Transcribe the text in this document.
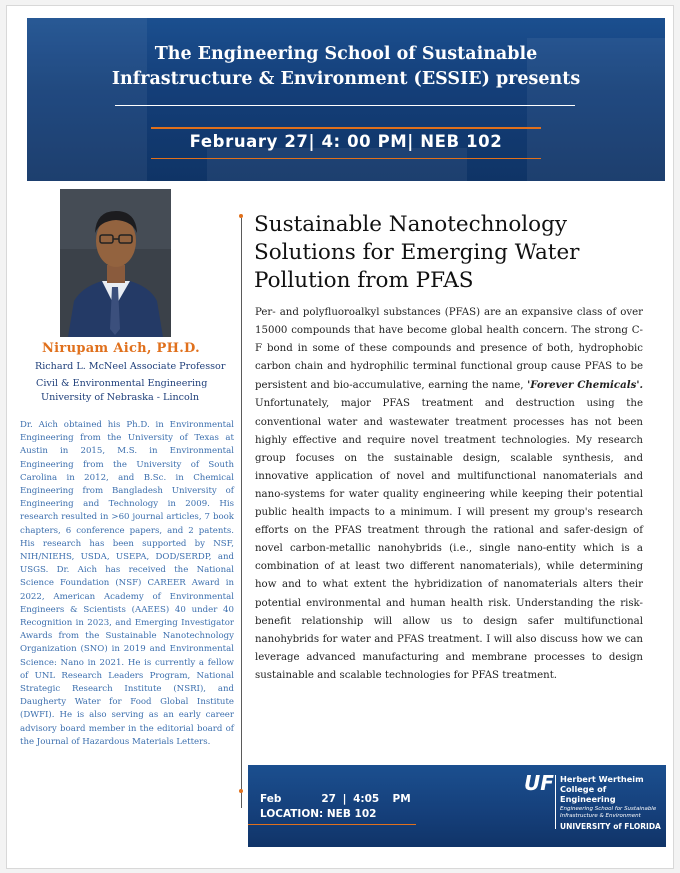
The Engineering School of Sustainable
Infrastructure & Environment (ESSIE) presents
February 27| 4: 00 PM| NEB 102
Nirupam Aich, PH.D.
Richard L. McNeel Associate Professor
Civil & Environmental Engineering
University of Nebraska - Lincoln
Dr. Aich obtained his Ph.D. in Environmental Engineering from the University of Texas at Austin in 2015, M.S. in Environmental Engineering from the University of South Carolina in 2012, and B.Sc. in Chemical Engineering from Bangladesh University of Engineering and Technology in 2009. His research resulted in >60 journal articles, 7 book chapters, 6 conference papers, and 2 patents. His research has been supported by NSF, NIH/NIEHS, USDA, USEPA, DOD/SERDP, and USGS. Dr. Aich has received the National Science Foundation (NSF) CAREER Award in 2022, American Academy of Environmental Engineers & Scientists (AAEES) 40 under 40 Recognition in 2023, and Emerging Investigator Awards from the Sustainable Nanotechnology Organization (SNO) in 2019 and Environmental Science: Nano in 2021. He is currently a fellow of UNL Research Leaders Program, National Strategic Research Institute (NSRI), and Daugherty Water for Food Global Institute (DWFI). He is also serving as an early career advisory board member in the editorial board of the Journal of Hazardous Materials Letters.
Sustainable Nanotechnology
Solutions for Emerging Water
Pollution from PFAS
Per- and polyfluoroalkyl substances (PFAS) are an expansive class of over 15000 compounds that have become global health concern. The strong C-F bond in some of these compounds and presence of both, hydrophobic carbon chain and hydrophilic terminal functional group cause PFAS to be persistent and bio-accumulative, earning the name, 'Forever Chemicals'. Unfortunately, major PFAS treatment and destruction using the conventional water and wastewater treatment processes has not been highly effective and require novel treatment technologies. My research group focuses on the sustainable design, scalable synthesis, and innovative application of novel and multifunctional nanomaterials and nano-systems for water quality engineering while keeping their potential public health impacts to a minimum. I will present my group's research efforts on the PFAS treatment through the rational and safer-design of novel carbon-metallic nanohybrids (i.e., single nano-entity which is a combination of at least two different nanomaterials), while determining how and to what extent the hybridization of nanomaterials alters their potential environmental and human health risk. Understanding the risk-benefit relationship will allow us to design safer multifunctional nanohybrids for water and PFAS treatment. I will also discuss how we can leverage advanced manufacturing and membrane processes to design sustainable and scalable technologies for PFAS treatment.
Feb      27 | 4:05  PM
LOCATION: NEB 102
UF Herbert Wertheim
College of Engineering
Engineering School for Sustainable Infrastructure & Environment
UNIVERSITY of FLORIDA
